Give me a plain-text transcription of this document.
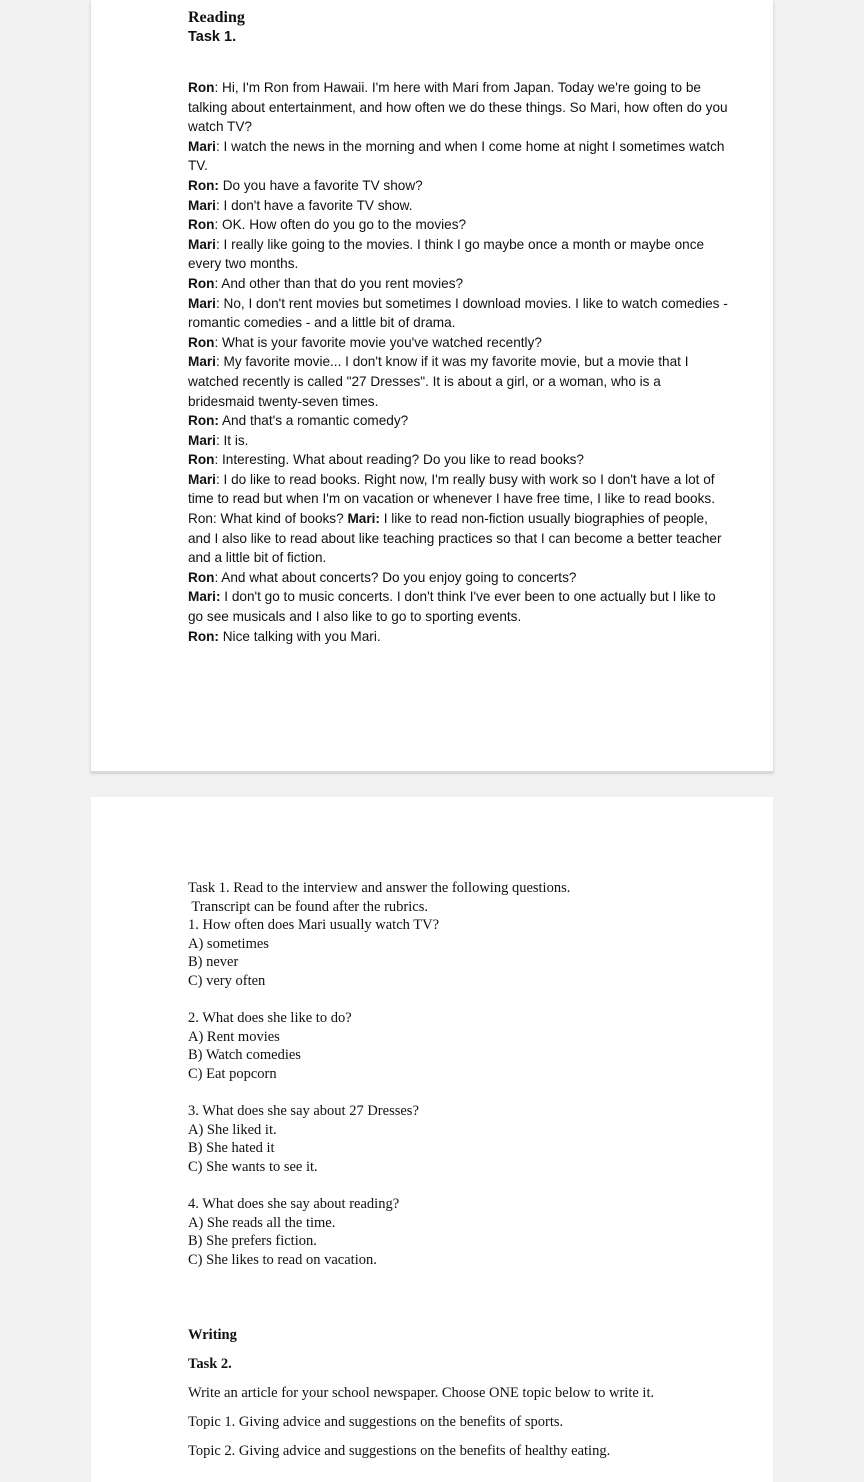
Reading
Task 1.

Ron: Hi, I'm Ron from Hawaii. I'm here with Mari from Japan. Today we're going to be talking about entertainment, and how often we do these things. So Mari, how often do you watch TV?

Mari: I watch the news in the morning and when I come home at night I sometimes watch TV.

Ron: Do you have a favorite TV show?

Mari: I don't have a favorite TV show.

Ron: OK. How often do you go to the movies?

Mari: I really like going to the movies. I think I go maybe once a month or maybe once every two months.

Ron: And other than that do you rent movies?

Mari: No, I don't rent movies but sometimes I download movies. I like to watch comedies - romantic comedies - and a little bit of drama.

Ron: What is your favorite movie you've watched recently?

Mari: My favorite movie... I don't know if it was my favorite movie, but a movie that I watched recently is called "27 Dresses". It is about a girl, or a woman, who is a bridesmaid twenty-seven times.

Ron: And that's a romantic comedy?

Mari: It is.

Ron: Interesting. What about reading? Do you like to read books?

Mari: I do like to read books. Right now, I'm really busy with work so I don't have a lot of time to read but when I'm on vacation or whenever I have free time, I like to read books. Ron: What kind of books? Mari: I like to read non-fiction usually biographies of people, and I also like to read about like teaching practices so that I can become a better teacher and a little bit of fiction.

Ron: And what about concerts? Do you enjoy going to concerts?

Mari: I don't go to music concerts. I don't think I've ever been to one actually but I like to go see musicals and I also like to go to sporting events.

Ron: Nice talking with you Mari.

Task 1. Read to the interview and answer the following questions.
Transcript can be found after the rubrics.
1. How often does Mari usually watch TV?
A) sometimes
B) never
C) very often
2. What does she like to do?
A) Rent movies
B) Watch comedies
C) Eat popcorn
3. What does she say about 27 Dresses?
A) She liked it.
B) She hated it
C) She wants to see it.
4. What does she say about reading?
A) She reads all the time.
B) She prefers fiction.
C) She likes to read on vacation.
Writing
Task 2.
Write an article for your school newspaper. Choose ONE topic below to write it.
Topic 1. Giving advice and suggestions on the benefits of sports.
Topic 2. Giving advice and suggestions on the benefits of healthy eating.
